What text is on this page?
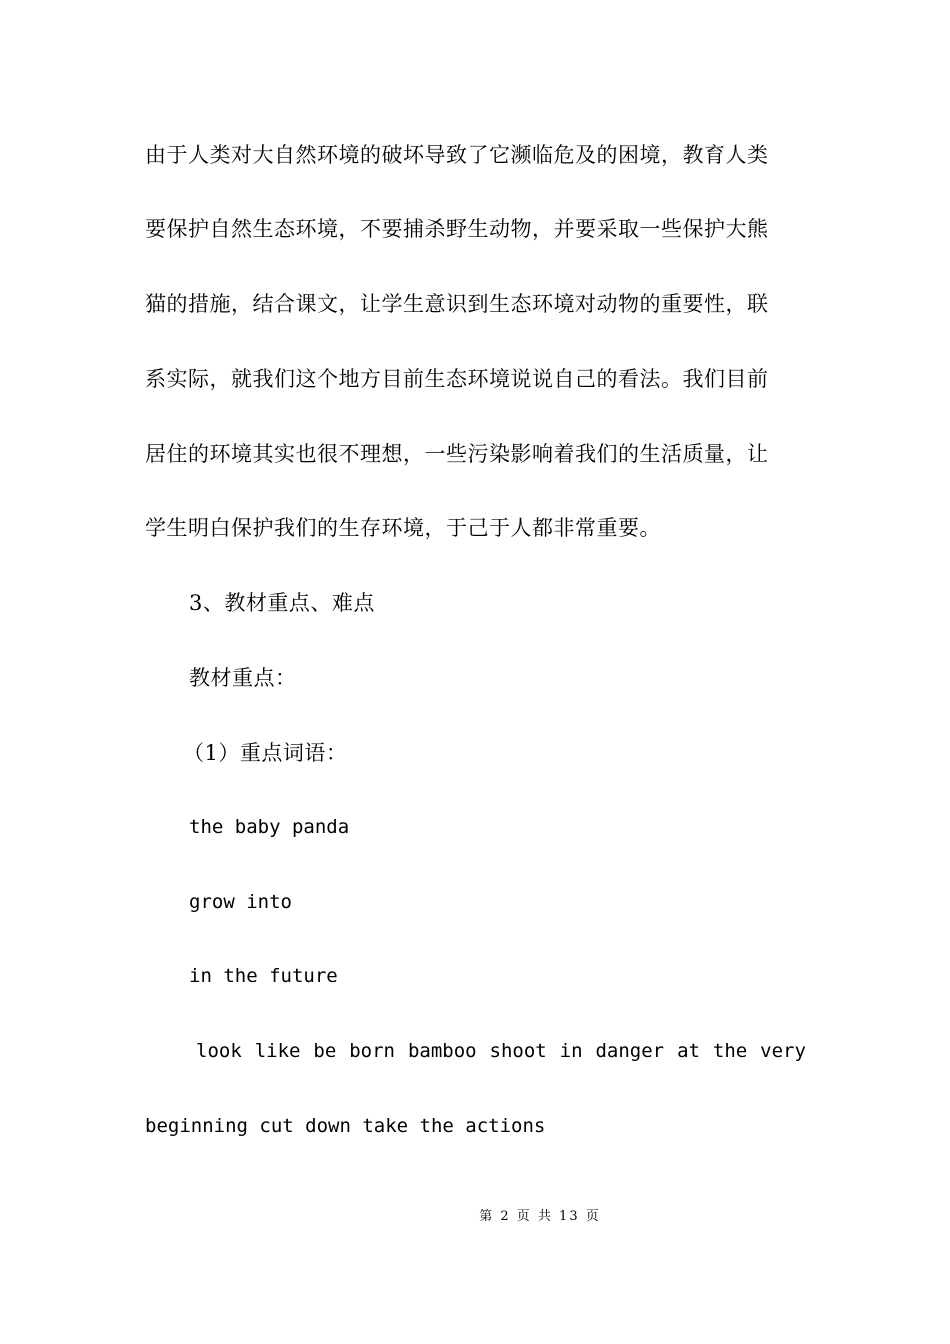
由于人类对大自然环境的破坏导致了它濒临危及的困境，教育人类
要保护自然生态环境，不要捕杀野生动物，并要采取一些保护大熊
猫的措施，结合课文，让学生意识到生态环境对动物的重要性，联
系实际，就我们这个地方目前生态环境说说自己的看法。我们目前
居住的环境其实也很不理想，一些污染影响着我们的生活质量，让
学生明白保护我们的生存环境，于己于人都非常重要。
3、教材重点、难点
教材重点：
（1）重点词语：
the baby panda
grow into
in the future
look like be born bamboo shoot in danger at the very
beginning cut down take the actions
第 2 页 共 13 页
